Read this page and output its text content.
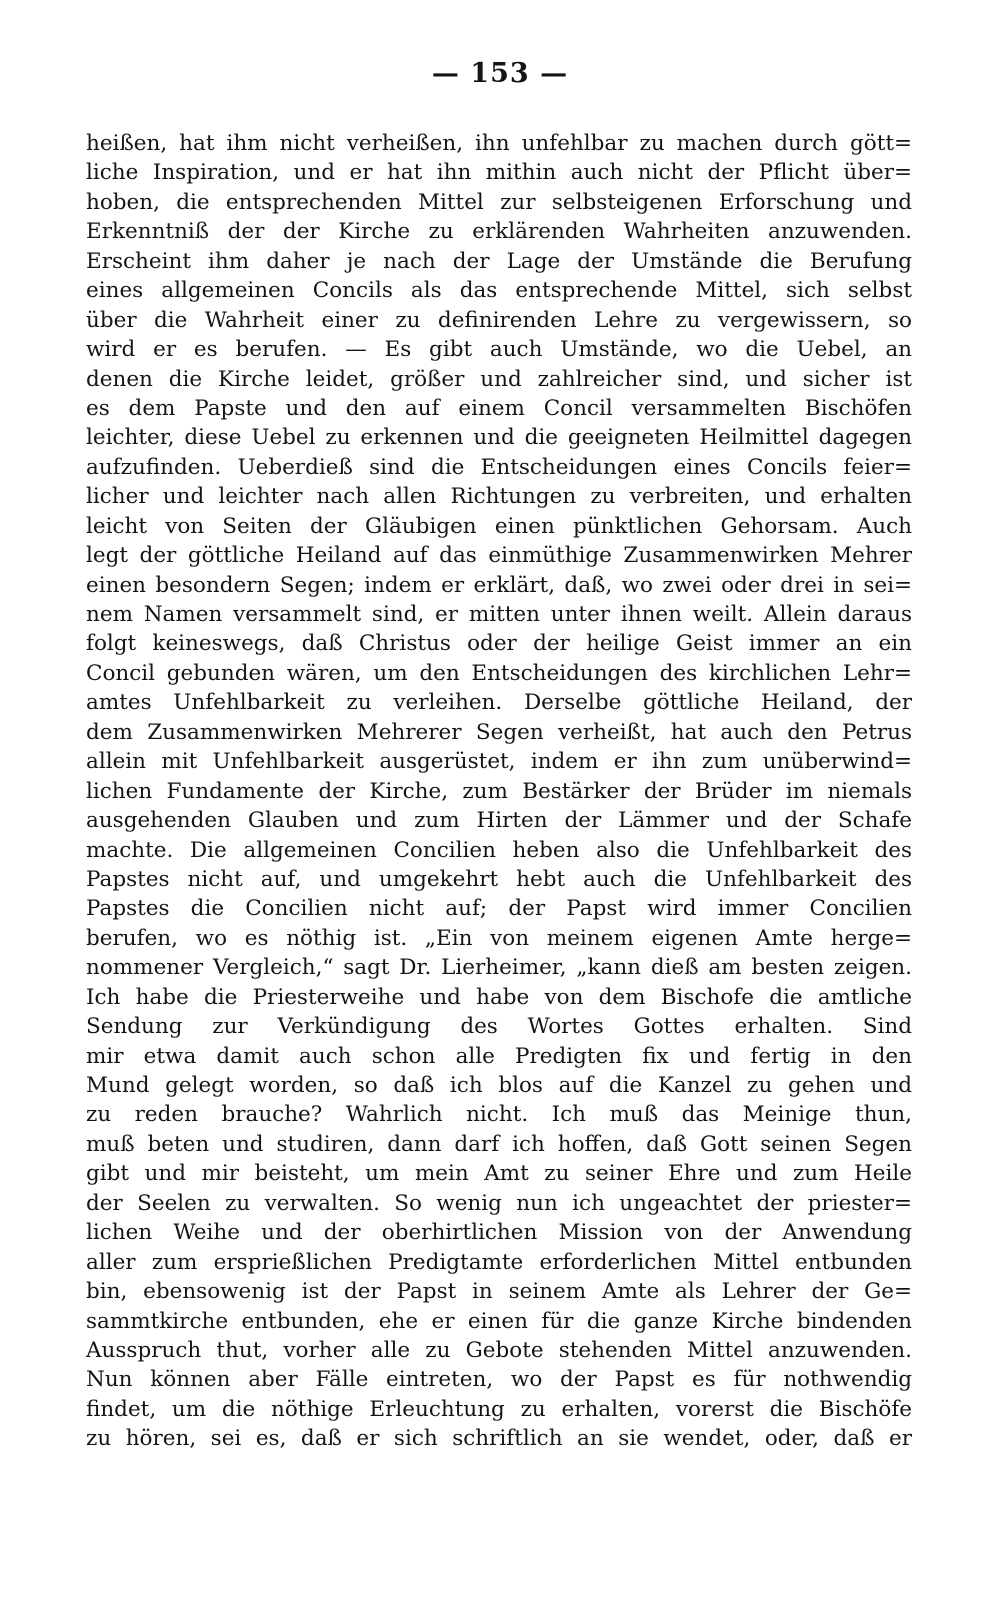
— 153 —
heißen, hat ihm nicht verheißen, ihn unfehlbar zu machen durch gött=
liche Inspiration, und er hat ihn mithin auch nicht der Pflicht über=
hoben, die entsprechenden Mittel zur selbsteigenen Erforschung und
Erkenntniß der der Kirche zu erklärenden Wahrheiten anzuwenden.
Erscheint ihm daher je nach der Lage der Umstände die Berufung
eines allgemeinen Concils als das entsprechende Mittel, sich selbst
über die Wahrheit einer zu definirenden Lehre zu vergewissern, so
wird er es berufen. — Es gibt auch Umstände, wo die Uebel, an
denen die Kirche leidet, größer und zahlreicher sind, und sicher ist
es dem Papste und den auf einem Concil versammelten Bischöfen
leichter, diese Uebel zu erkennen und die geeigneten Heilmittel dagegen
aufzufinden. Ueberdieß sind die Entscheidungen eines Concils feier=
licher und leichter nach allen Richtungen zu verbreiten, und erhalten
leicht von Seiten der Gläubigen einen pünktlichen Gehorsam. Auch
legt der göttliche Heiland auf das einmüthige Zusammenwirken Mehrer
einen besondern Segen; indem er erklärt, daß, wo zwei oder drei in sei=
nem Namen versammelt sind, er mitten unter ihnen weilt. Allein daraus
folgt keineswegs, daß Christus oder der heilige Geist immer an ein
Concil gebunden wären, um den Entscheidungen des kirchlichen Lehr=
amtes Unfehlbarkeit zu verleihen. Derselbe göttliche Heiland, der
dem Zusammenwirken Mehrerer Segen verheißt, hat auch den Petrus
allein mit Unfehlbarkeit ausgerüstet, indem er ihn zum unüberwind=
lichen Fundamente der Kirche, zum Bestärker der Brüder im niemals
ausgehenden Glauben und zum Hirten der Lämmer und der Schafe
machte. Die allgemeinen Concilien heben also die Unfehlbarkeit des
Papstes nicht auf, und umgekehrt hebt auch die Unfehlbarkeit des
Papstes die Concilien nicht auf; der Papst wird immer Concilien
berufen, wo es nöthig ist. „Ein von meinem eigenen Amte herge=
nommener Vergleich,“ sagt Dr. Lierheimer, „kann dieß am besten zeigen.
Ich habe die Priesterweihe und habe von dem Bischofe die amtliche
Sendung zur Verkündigung des Wortes Gottes erhalten. Sind
mir etwa damit auch schon alle Predigten fix und fertig in den
Mund gelegt worden, so daß ich blos auf die Kanzel zu gehen und
zu reden brauche? Wahrlich nicht. Ich muß das Meinige thun,
muß beten und studiren, dann darf ich hoffen, daß Gott seinen Segen
gibt und mir beisteht, um mein Amt zu seiner Ehre und zum Heile
der Seelen zu verwalten. So wenig nun ich ungeachtet der priester=
lichen Weihe und der oberhirtlichen Mission von der Anwendung
aller zum ersprießlichen Predigtamte erforderlichen Mittel entbunden
bin, ebensowenig ist der Papst in seinem Amte als Lehrer der Ge=
sammtkirche entbunden, ehe er einen für die ganze Kirche bindenden
Ausspruch thut, vorher alle zu Gebote stehenden Mittel anzuwenden.
Nun können aber Fälle eintreten, wo der Papst es für nothwendig
findet, um die nöthige Erleuchtung zu erhalten, vorerst die Bischöfe
zu hören, sei es, daß er sich schriftlich an sie wendet, oder, daß er
